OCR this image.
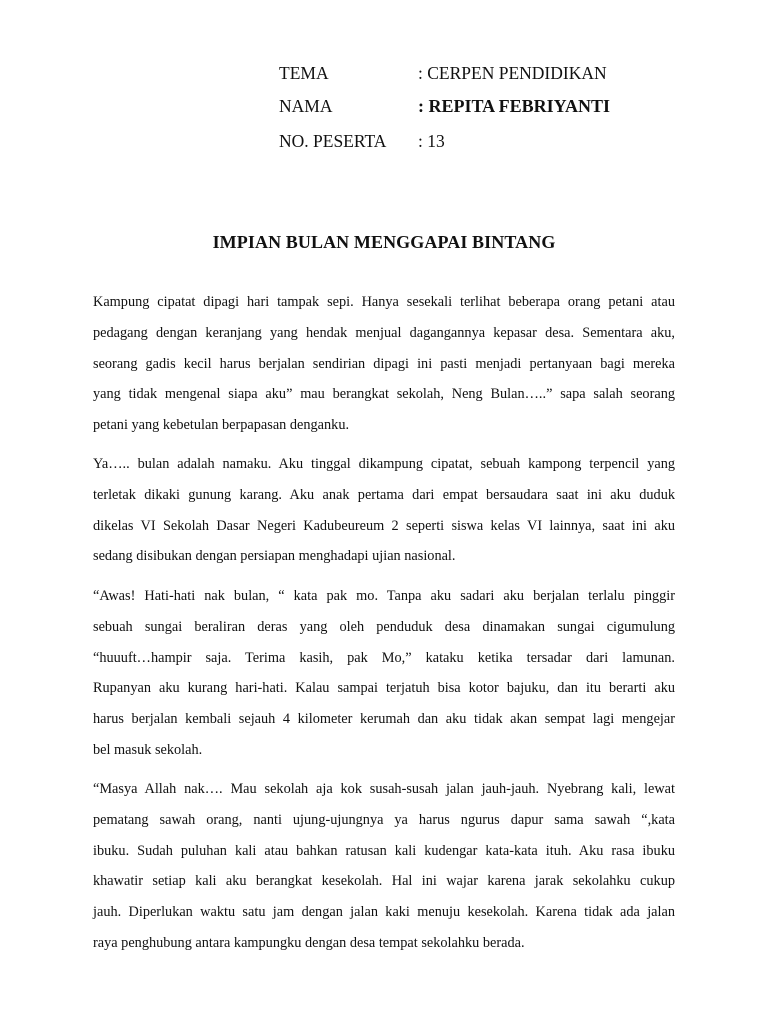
TEMA	: CERPEN PENDIDIKAN
NAMA	: REPITA FEBRIYANTI
NO. PESERTA : 13
IMPIAN BULAN MENGGAPAI BINTANG
Kampung cipatat dipagi hari tampak sepi. Hanya sesekali terlihat beberapa orang petani atau
pedagang dengan keranjang yang hendak menjual dagangannya kepasar desa. Sementara aku,
seorang gadis kecil harus berjalan sendirian dipagi ini pasti menjadi pertanyaan bagi mereka
yang tidak mengenal siapa aku” mau berangkat sekolah, Neng Bulan…..” sapa salah seorang
petani yang kebetulan berpapasan denganku.
Ya….. bulan adalah namaku. Aku tinggal dikampung cipatat, sebuah kampong terpencil yang
terletak dikaki gunung karang. Aku anak pertama dari empat bersaudara saat ini aku duduk
dikelas VI Sekolah Dasar Negeri Kadubeureum 2 seperti siswa kelas VI lainnya, saat ini aku
sedang disibukan dengan persiapan menghadapi ujian nasional.
“Awas! Hati-hati nak bulan, “ kata pak mo. Tanpa aku sadari aku berjalan terlalu pinggir
sebuah sungai beraliran deras yang oleh penduduk desa dinamakan sungai cigumulung
“huuuft…hampir saja. Terima kasih, pak Mo,” kataku ketika tersadar dari lamunan.
Rupanyan aku kurang hari-hati. Kalau sampai terjatuh bisa kotor bajuku, dan itu berarti aku
harus berjalan kembali sejauh 4 kilometer kerumah dan aku tidak akan sempat lagi mengejar
bel masuk sekolah.
“Masya Allah nak…. Mau sekolah aja kok susah-susah jalan jauh-jauh. Nyebrang kali, lewat
pematang sawah orang, nanti ujung-ujungnya ya harus ngurus dapur sama sawah “,kata
ibuku. Sudah puluhan kali atau bahkan ratusan kali kudengar kata-kata ituh. Aku rasa ibuku
khawatir setiap kali aku berangkat kesekolah. Hal ini wajar karena jarak sekolahku cukup
jauh. Diperlukan waktu satu jam dengan jalan kaki menuju kesekolah. Karena tidak ada jalan
raya penghubung antara kampungku dengan desa tempat sekolahku berada.
